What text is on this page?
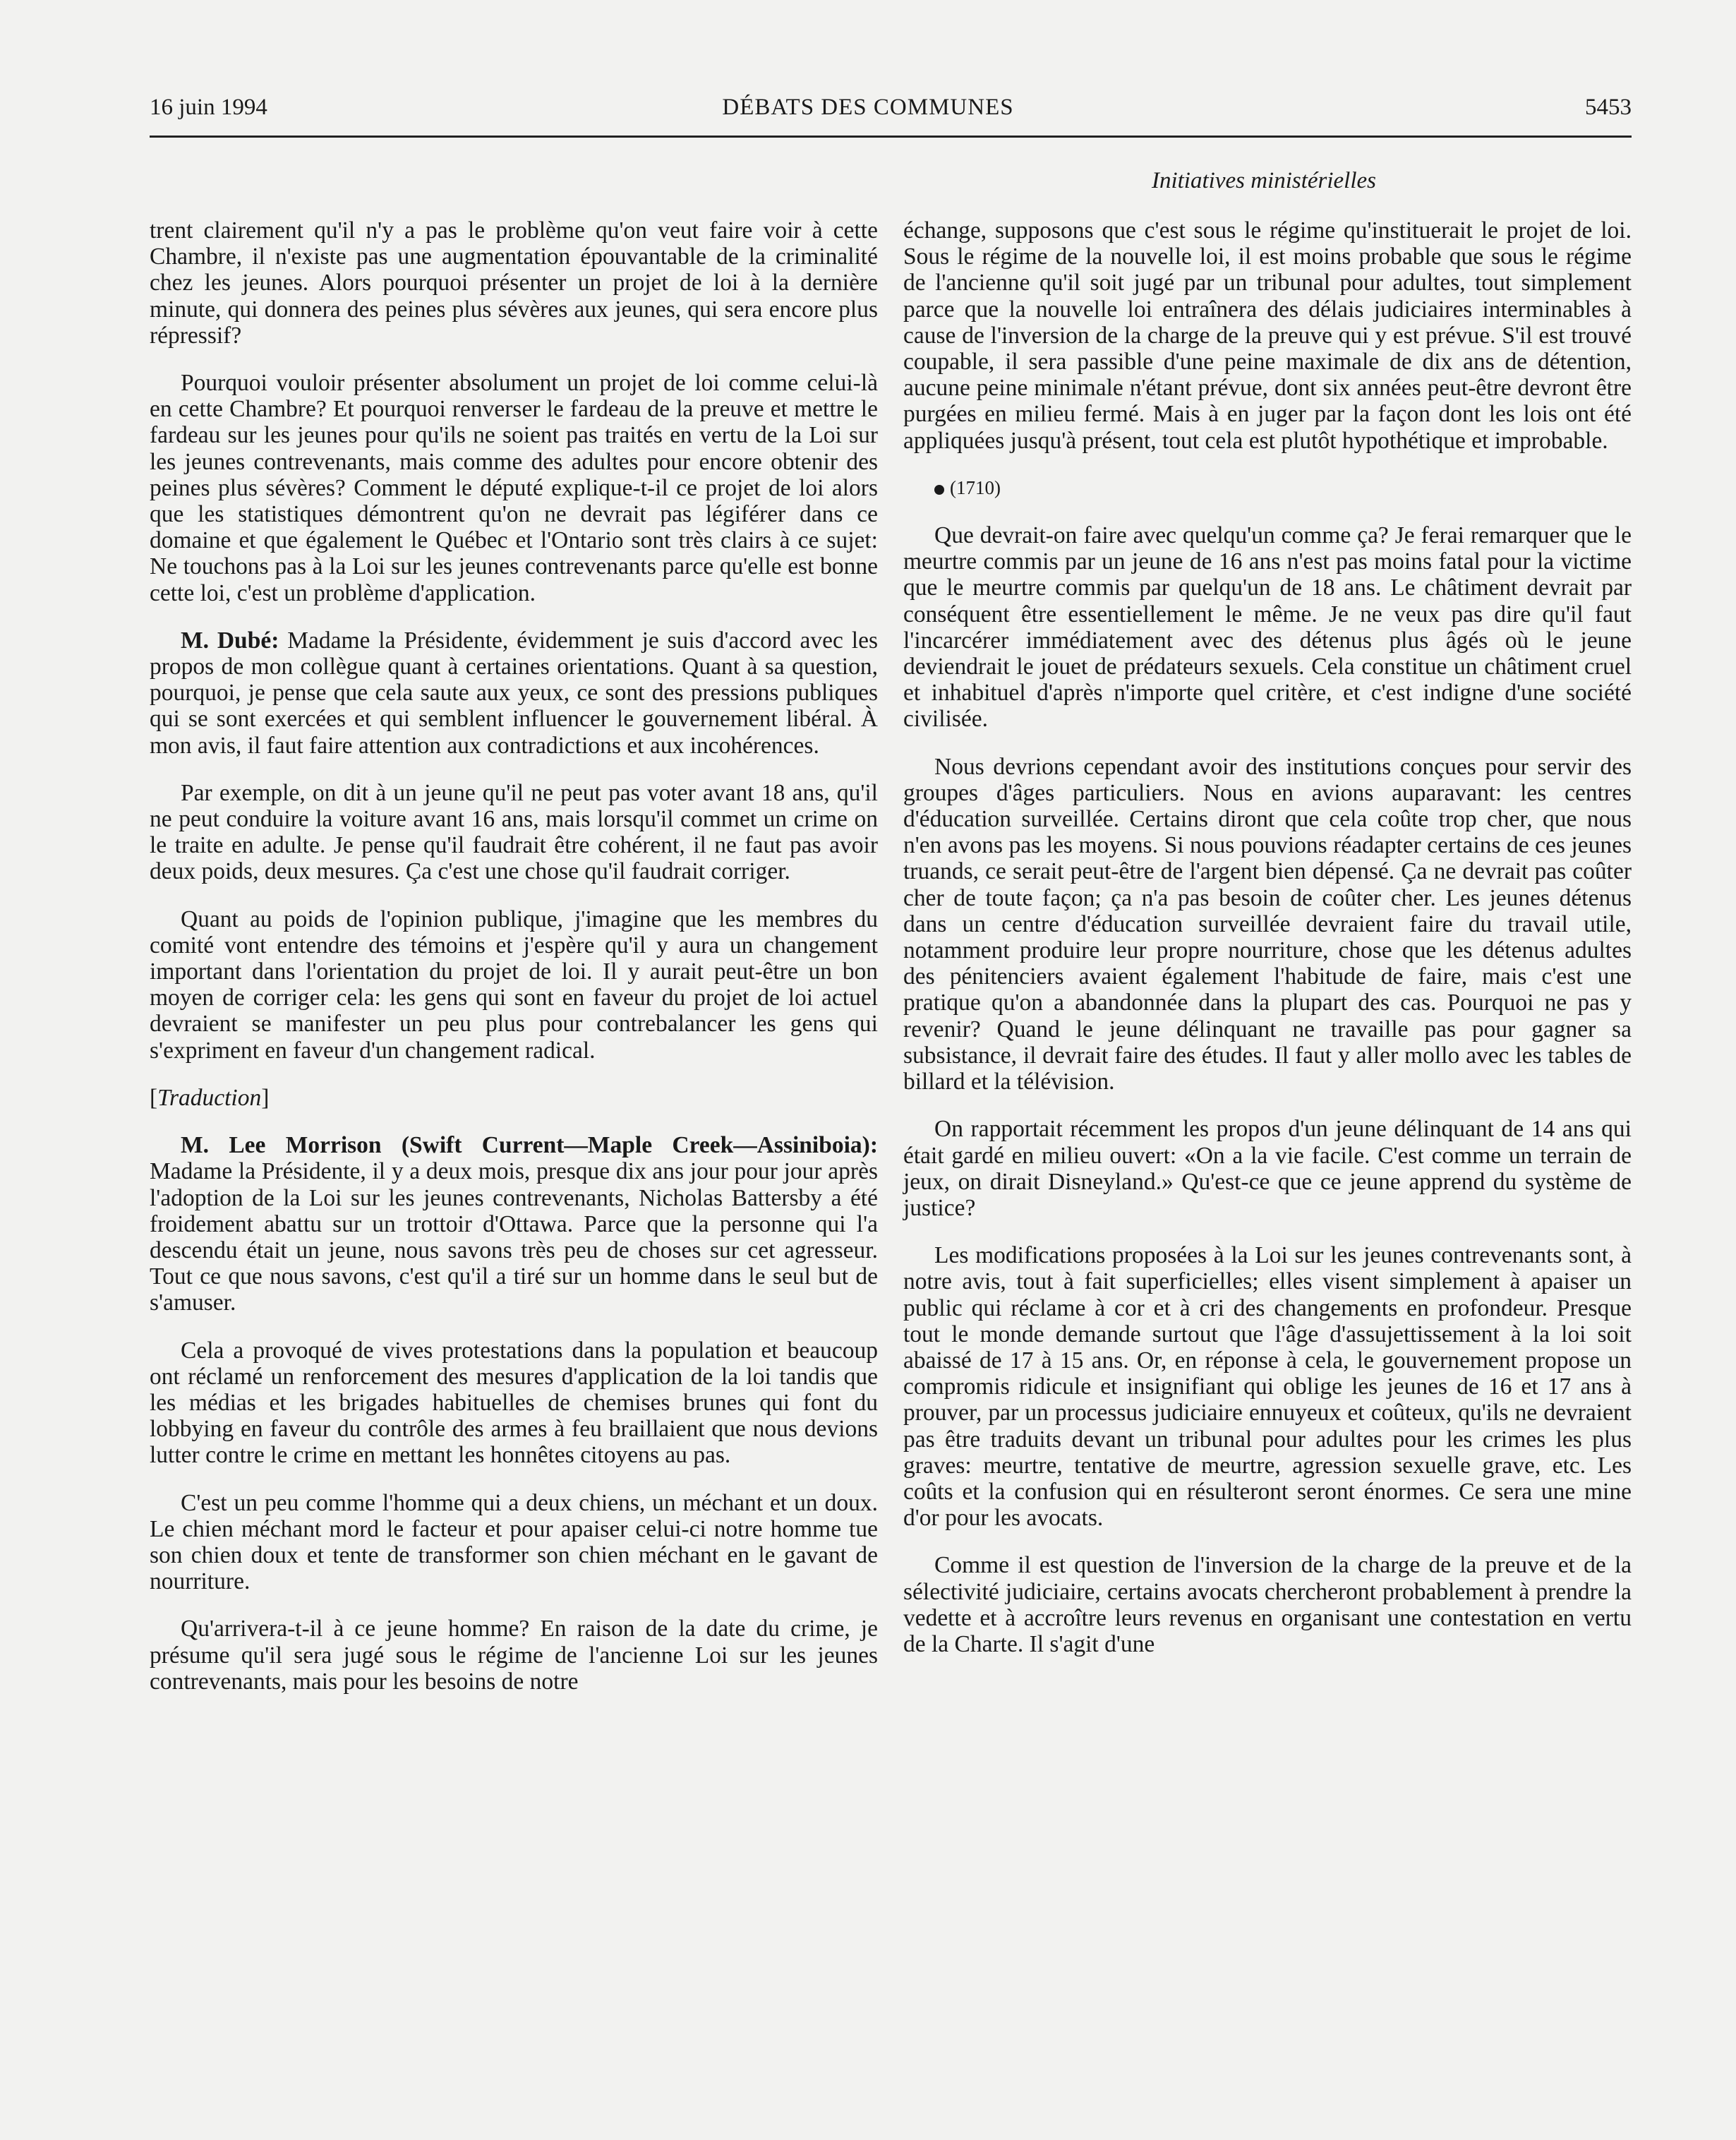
16 juin 1994	DÉBATS DES COMMUNES	5453
Initiatives ministérielles

trent clairement qu'il n'y a pas le problème qu'on veut faire voir à cette Chambre, il n'existe pas une augmentation épouvantable de la criminalité chez les jeunes. Alors pourquoi présenter un projet de loi à la dernière minute, qui donnera des peines plus sévères aux jeunes, qui sera encore plus répressif?

Pourquoi vouloir présenter absolument un projet de loi comme celui-là en cette Chambre? Et pourquoi renverser le fardeau de la preuve et mettre le fardeau sur les jeunes pour qu'ils ne soient pas traités en vertu de la Loi sur les jeunes contrevenants, mais comme des adultes pour encore obtenir des peines plus sévères? Comment le député explique-t-il ce projet de loi alors que les statistiques démontrent qu'on ne devrait pas légiférer dans ce domaine et que également le Québec et l'Ontario sont très clairs à ce sujet: Ne touchons pas à la Loi sur les jeunes contrevenants parce qu'elle est bonne cette loi, c'est un problème d'application.

M. Dubé: Madame la Présidente, évidemment je suis d'accord avec les propos de mon collègue quant à certaines orientations. Quant à sa question, pourquoi, je pense que cela saute aux yeux, ce sont des pressions publiques qui se sont exercées et qui semblent influencer le gouvernement libéral. À mon avis, il faut faire attention aux contradictions et aux incohérences.

Par exemple, on dit à un jeune qu'il ne peut pas voter avant 18 ans, qu'il ne peut conduire la voiture avant 16 ans, mais lorsqu'il commet un crime on le traite en adulte. Je pense qu'il faudrait être cohérent, il ne faut pas avoir deux poids, deux mesures. Ça c'est une chose qu'il faudrait corriger.

Quant au poids de l'opinion publique, j'imagine que les membres du comité vont entendre des témoins et j'espère qu'il y aura un changement important dans l'orientation du projet de loi. Il y aurait peut-être un bon moyen de corriger cela: les gens qui sont en faveur du projet de loi actuel devraient se manifester un peu plus pour contrebalancer les gens qui s'expriment en faveur d'un changement radical.

[Traduction]

M. Lee Morrison (Swift Current—Maple Creek—Assiniboia): Madame la Présidente, il y a deux mois, presque dix ans jour pour jour après l'adoption de la Loi sur les jeunes contrevenants, Nicholas Battersby a été froidement abattu sur un trottoir d'Ottawa. Parce que la personne qui l'a descendu était un jeune, nous savons très peu de choses sur cet agresseur. Tout ce que nous savons, c'est qu'il a tiré sur un homme dans le seul but de s'amuser.

Cela a provoqué de vives protestations dans la population et beaucoup ont réclamé un renforcement des mesures d'application de la loi tandis que les médias et les brigades habituelles de chemises brunes qui font du lobbying en faveur du contrôle des armes à feu braillaient que nous devions lutter contre le crime en mettant les honnêtes citoyens au pas.

C'est un peu comme l'homme qui a deux chiens, un méchant et un doux. Le chien méchant mord le facteur et pour apaiser celui-ci notre homme tue son chien doux et tente de transformer son chien méchant en le gavant de nourriture.

Qu'arrivera-t-il à ce jeune homme? En raison de la date du crime, je présume qu'il sera jugé sous le régime de l'ancienne Loi sur les jeunes contrevenants, mais pour les besoins de notre

échange, supposons que c'est sous le régime qu'instituerait le projet de loi. Sous le régime de la nouvelle loi, il est moins probable que sous le régime de l'ancienne qu'il soit jugé par un tribunal pour adultes, tout simplement parce que la nouvelle loi entraînera des délais judiciaires interminables à cause de l'inversion de la charge de la preuve qui y est prévue. S'il est trouvé coupable, il sera passible d'une peine maximale de dix ans de détention, aucune peine minimale n'étant prévue, dont six années peut-être devront être purgées en milieu fermé. Mais à en juger par la façon dont les lois ont été appliquées jusqu'à présent, tout cela est plutôt hypothétique et improbable.

(1710)

Que devrait-on faire avec quelqu'un comme ça? Je ferai remarquer que le meurtre commis par un jeune de 16 ans n'est pas moins fatal pour la victime que le meurtre commis par quelqu'un de 18 ans. Le châtiment devrait par conséquent être essentiellement le même. Je ne veux pas dire qu'il faut l'incarcérer immédiatement avec des détenus plus âgés où le jeune deviendrait le jouet de prédateurs sexuels. Cela constitue un châtiment cruel et inhabituel d'après n'importe quel critère, et c'est indigne d'une société civilisée.

Nous devrions cependant avoir des institutions conçues pour servir des groupes d'âges particuliers. Nous en avions auparavant: les centres d'éducation surveillée. Certains diront que cela coûte trop cher, que nous n'en avons pas les moyens. Si nous pouvions réadapter certains de ces jeunes truands, ce serait peut-être de l'argent bien dépensé. Ça ne devrait pas coûter cher de toute façon; ça n'a pas besoin de coûter cher. Les jeunes détenus dans un centre d'éducation surveillée devraient faire du travail utile, notamment produire leur propre nourriture, chose que les détenus adultes des pénitenciers avaient également l'habitude de faire, mais c'est une pratique qu'on a abandonnée dans la plupart des cas. Pourquoi ne pas y revenir? Quand le jeune délinquant ne travaille pas pour gagner sa subsistance, il devrait faire des études. Il faut y aller mollo avec les tables de billard et la télévision.

On rapportait récemment les propos d'un jeune délinquant de 14 ans qui était gardé en milieu ouvert: «On a la vie facile. C'est comme un terrain de jeux, on dirait Disneyland.» Qu'est-ce que ce jeune apprend du système de justice?

Les modifications proposées à la Loi sur les jeunes contrevenants sont, à notre avis, tout à fait superficielles; elles visent simplement à apaiser un public qui réclame à cor et à cri des changements en profondeur. Presque tout le monde demande surtout que l'âge d'assujettissement à la loi soit abaissé de 17 à 15 ans. Or, en réponse à cela, le gouvernement propose un compromis ridicule et insignifiant qui oblige les jeunes de 16 et 17 ans à prouver, par un processus judiciaire ennuyeux et coûteux, qu'ils ne devraient pas être traduits devant un tribunal pour adultes pour les crimes les plus graves: meurtre, tentative de meurtre, agression sexuelle grave, etc. Les coûts et la confusion qui en résulteront seront énormes. Ce sera une mine d'or pour les avocats.

Comme il est question de l'inversion de la charge de la preuve et de la sélectivité judiciaire, certains avocats chercheront probablement à prendre la vedette et à accroître leurs revenus en organisant une contestation en vertu de la Charte. Il s'agit d'une
